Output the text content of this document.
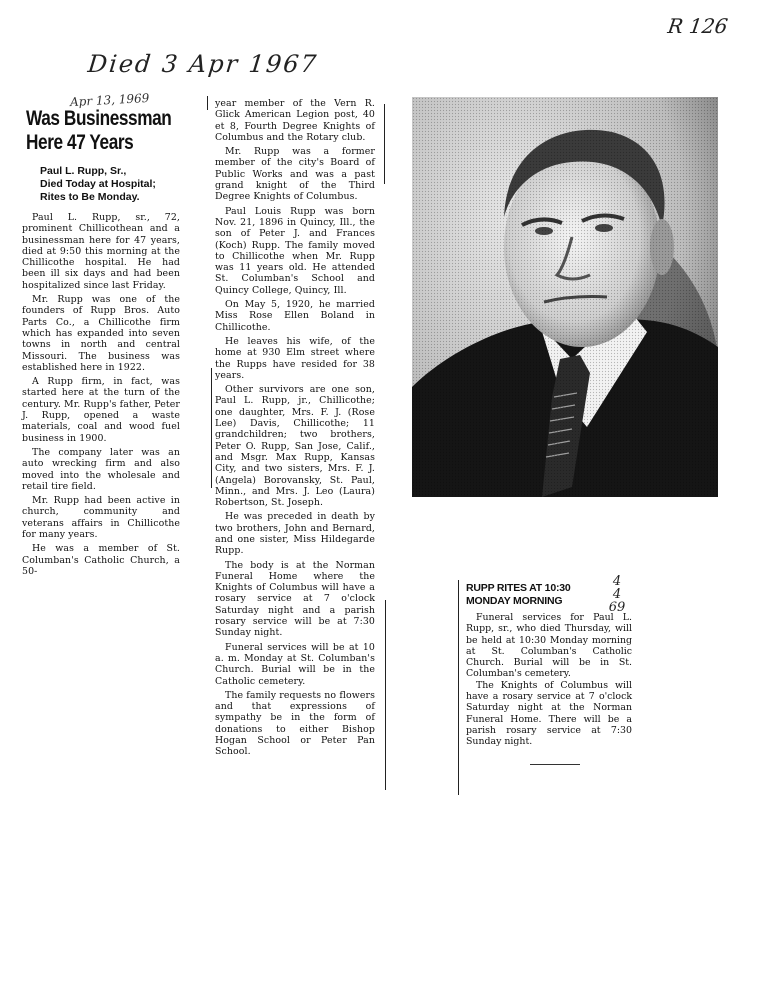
R 126
Died 3 Apr 1967
Apr 13, 1969
Was Businessman
Here 47 Years
Paul L. Rupp, Sr.,
Died Today at Hospital;
Rites to Be Monday.

Paul L. Rupp, sr., 72, prominent Chillicothean and a businessman here for 47 years, died at 9:50 this morning at the Chillicothe hospital. He had been ill six days and had been hospitalized since last Friday.

Mr. Rupp was one of the founders of Rupp Bros. Auto Parts Co., a Chillicothe firm which has expanded into seven towns in north and central Missouri. The business was established here in 1922.

A Rupp firm, in fact, was started here at the turn of the century. Mr. Rupp's father, Peter J. Rupp, opened a waste materials, coal and wood fuel business in 1900.

The company later was an auto wrecking firm and also moved into the wholesale and retail tire field.

Mr. Rupp had been active in church, community and veterans affairs in Chillicothe for many years.

He was a member of St. Columban's Catholic Church, a 50-

year member of the Vern R. Glick American Legion post, 40 et 8, Fourth Degree Knights of Columbus and the Rotary club.

Mr. Rupp was a former member of the city's Board of Public Works and was a past grand knight of the Third Degree Knights of Columbus.

Paul Louis Rupp was born Nov. 21, 1896 in Quincy, Ill., the son of Peter J. and Frances (Koch) Rupp. The family moved to Chillicothe when Mr. Rupp was 11 years old. He attended St. Columban's School and Quincy College, Quincy, Ill.

On May 5, 1920, he married Miss Rose Ellen Boland in Chillicothe.

He leaves his wife, of the home at 930 Elm street where the Rupps have resided for 38 years.

Other survivors are one son, Paul L. Rupp, jr., Chillicothe; one daughter, Mrs. F. J. (Rose Lee) Davis, Chillicothe; 11 grandchildren; two brothers, Peter O. Rupp, San Jose, Calif., and Msgr. Max Rupp, Kansas City, and two sisters, Mrs. F. J. (Angela) Borovansky, St. Paul, Minn., and Mrs. J. Leo (Laura) Robertson, St. Joseph.

He was preceded in death by two brothers, John and Bernard, and one sister, Miss Hildegarde Rupp.

The body is at the Norman Funeral Home where the Knights of Columbus will have a rosary service at 7 o'clock Saturday night and a parish rosary service will be at 7:30 Sunday night.

Funeral services will be at 10 a. m. Monday at St. Columban's Church. Burial will be in the Catholic cemetery.

The family requests no flowers and that expressions of sympathy be in the form of donations to either Bishop Hogan School or Peter Pan School.

RUPP RITES AT 10:30
MONDAY MORNING

Funeral services for Paul L. Rupp, sr., who died Thursday, will be held at 10:30 Monday morning at St. Columban's Catholic Church. Burial will be in St. Columban's cemetery.

The Knights of Columbus will have a rosary service at 7 o'clock Saturday night at the Norman Funeral Home. There will be a parish rosary service at 7:30 Sunday night.

4
4
69
